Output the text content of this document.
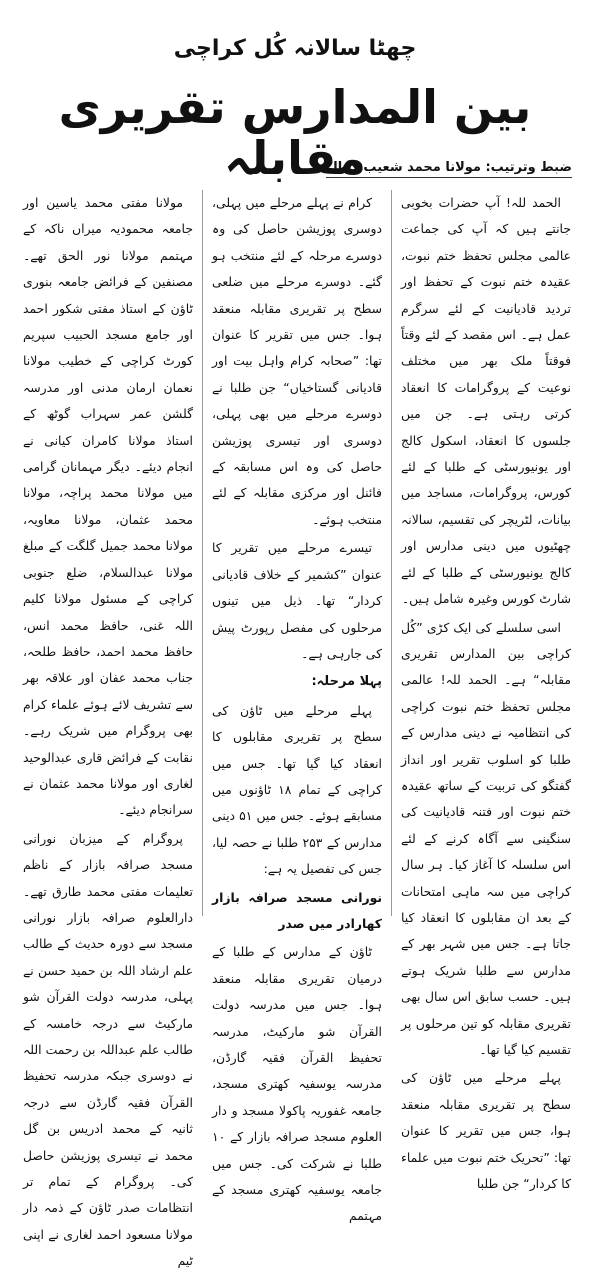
چھٹا سالانہ کُل کراچی
بین المدارس تقریری مقابلہ
ضبط وترتیب: مولانا محمد شعیب کمال

الحمد للہ! آپ حضرات بخوبی جانتے ہیں کہ آپ کی جماعت عالمی مجلس تحفظ ختم نبوت، عقیدہ ختم نبوت کے تحفظ اور تردید قادیانیت کے لئے سرگرم عمل ہے۔ اس مقصد کے لئے وقتاً فوقتاً ملک بھر میں مختلف نوعیت کے پروگرامات کا انعقاد کرتی رہتی ہے۔ جن میں جلسوں کا انعقاد، اسکول کالج اور یونیورسٹی کے طلبا کے لئے کورس، پروگرامات، مساجد میں بیانات، لٹریچر کی تقسیم، سالانہ چھٹیوں میں دینی مدارس اور کالج یونیورسٹی کے طلبا کے لئے شارٹ کورس وغیرہ شامل ہیں۔

اسی سلسلے کی ایک کڑی ”کُل کراچی بین المدارس تقریری مقابلہ“ ہے۔ الحمد للہ! عالمی مجلس تحفظ ختم نبوت کراچی کی انتظامیہ نے دینی مدارس کے طلبا کو اسلوب تقریر اور انداز گفتگو کی تربیت کے ساتھ عقیدہ ختم نبوت اور فتنہ قادیانیت کی سنگینی سے آگاہ کرنے کے لئے اس سلسلہ کا آغاز کیا۔ ہر سال کراچی میں سہ ماہی امتحانات کے بعد ان مقابلوں کا انعقاد کیا جاتا ہے۔ جس میں شہر بھر کے مدارس سے طلبا شریک ہوتے ہیں۔ حسب سابق اس سال بھی تقریری مقابلہ کو تین مرحلوں پر تقسیم کیا گیا تھا۔

پہلے مرحلے میں ٹاؤن کی سطح پر تقریری مقابلہ منعقد ہوا، جس میں تقریر کا عنوان تھا: ”تحریک ختم نبوت میں علماء کا کردار“ جن طلبا

کرام نے پہلے مرحلے میں پہلی، دوسری پوزیشن حاصل کی وہ دوسرے مرحلہ کے لئے منتخب ہو گئے۔ دوسرے مرحلے میں ضلعی سطح پر تقریری مقابلہ منعقد ہوا۔ جس میں تقریر کا عنوان تھا: ”صحابہ کرام واہل بیت اور قادیانی گستاخیاں“ جن طلبا نے دوسرے مرحلے میں بھی پہلی، دوسری اور تیسری پوزیشن حاصل کی وہ اس مسابقہ کے فائنل اور مرکزی مقابلہ کے لئے منتخب ہوئے۔

تیسرے مرحلے میں تقریر کا عنوان ”کشمیر کے خلاف قادیانی کردار“ تھا۔ ذیل میں تینوں مرحلوں کی مفصل رپورٹ پیش کی جارہی ہے۔

پہلا مرحلہ:

پہلے مرحلے میں ٹاؤن کی سطح پر تقریری مقابلوں کا انعقاد کیا گیا تھا۔ جس میں کراچی کے تمام ۱۸ ٹاؤنوں میں مسابقے ہوئے۔ جس میں ۵۱ دینی مدارس کے ۲۵۳ طلبا نے حصہ لیا، جس کی تفصیل یہ ہے:

نورانی مسجد صرافہ بازار کھارادر میں صدر

ٹاؤن کے مدارس کے طلبا کے درمیان تقریری مقابلہ منعقد ہوا۔ جس میں مدرسہ دولت القرآن شو مارکیٹ، مدرسہ تحفیظ القرآن فقیہ گارڈن، مدرسہ یوسفیہ کھتری مسجد، جامعہ غفوریہ پاکولا مسجد و دار العلوم مسجد صرافہ بازار کے ۱۰ طلبا نے شرکت کی۔ جس میں جامعہ یوسفیہ کھتری مسجد کے مہتمم

مولانا مفتی محمد یاسین اور جامعہ محمودیہ میراں ناکہ کے مہتمم مولانا نور الحق تھے۔ مصنفین کے فرائض جامعہ بنوری ٹاؤن کے استاذ مفتی شکور احمد اور جامع مسجد الحبیب سپریم کورٹ کراچی کے خطیب مولانا نعمان ارمان مدنی اور مدرسہ گلشن عمر سہراب گوٹھ کے استاذ مولانا کامران کیانی نے انجام دیئے۔ دیگر مہمانان گرامی میں مولانا محمد پراچہ، مولانا محمد عثمان، مولانا معاویہ، مولانا محمد جمیل گلگت کے مبلغ مولانا عبدالسلام، ضلع جنوبی کراچی کے مسئول مولانا کلیم اللہ غنی، حافظ محمد انس، حافظ محمد احمد، حافظ طلحہ، جناب محمد عفان اور علاقہ بھر سے تشریف لائے ہوئے علماء کرام بھی پروگرام میں شریک رہے۔ نقابت کے فرائض قاری عبدالوحید لغاری اور مولانا محمد عثمان نے سرانجام دیئے۔

پروگرام کے میزبان نورانی مسجد صرافہ بازار کے ناظم تعلیمات مفتی محمد طارق تھے۔ دارالعلوم صرافہ بازار نورانی مسجد سے دورہ حدیث کے طالب علم ارشاد اللہ بن حمید حسن نے پہلی، مدرسہ دولت القرآن شو مارکیٹ سے درجہ خامسہ کے طالب علم عبداللہ بن رحمت اللہ نے دوسری جبکہ مدرسہ تحفیظ القرآن فقیہ گارڈن سے درجہ ثانیہ کے محمد ادریس بن گل محمد نے تیسری پوزیشن حاصل کی۔ پروگرام کے تمام تر انتظامات صدر ٹاؤن کے ذمہ دار مولانا مسعود احمد لغاری نے اپنی ٹیم
